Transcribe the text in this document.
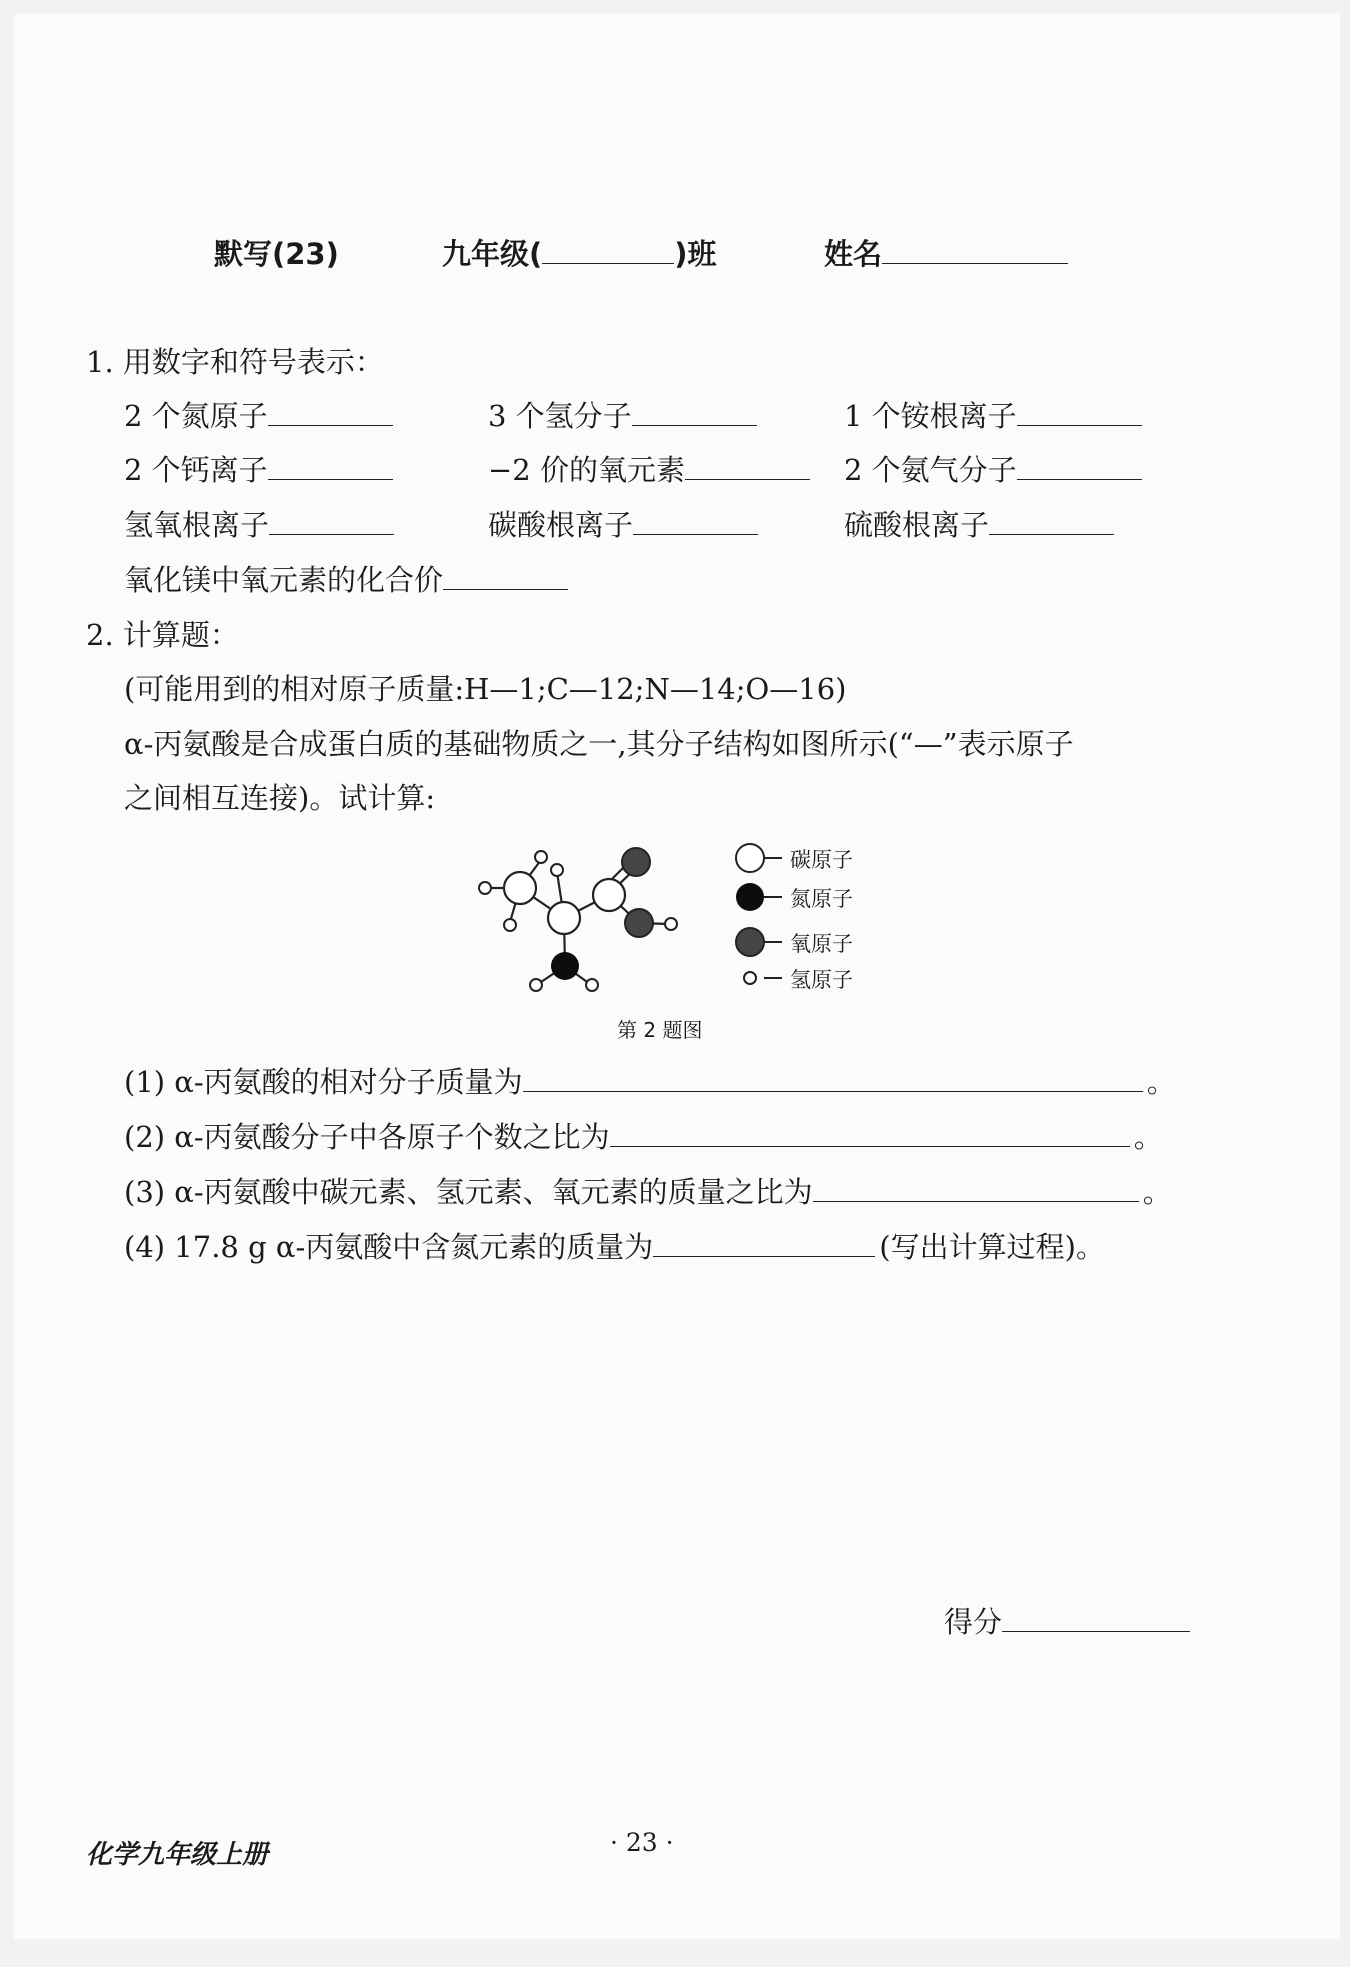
默写(23)	九年级(	)班	姓名
1. 用数字和符号表示：
2 个氮原子	3 个氢分子	1 个铵根离子
2 个钙离子	−2 价的氧元素	2 个氨气分子
氢氧根离子	碳酸根离子	硫酸根离子
氧化镁中氧元素的化合价
2. 计算题：
(可能用到的相对原子质量:H—1;C—12;N—14;O—16)
α-丙氨酸是合成蛋白质的基础物质之一,其分子结构如图所示(“—”表示原子
之间相互连接)。试计算:
碳原子
氮原子
氧原子
氢原子
第 2 题图
(1) α-丙氨酸的相对分子质量为	。
(2) α-丙氨酸分子中各原子个数之比为	。
(3) α-丙氨酸中碳元素、氢元素、氧元素的质量之比为	。
(4) 17.8 g α-丙氨酸中含氮元素的质量为	(写出计算过程)。
得分
化学九年级上册	· 23 ·
